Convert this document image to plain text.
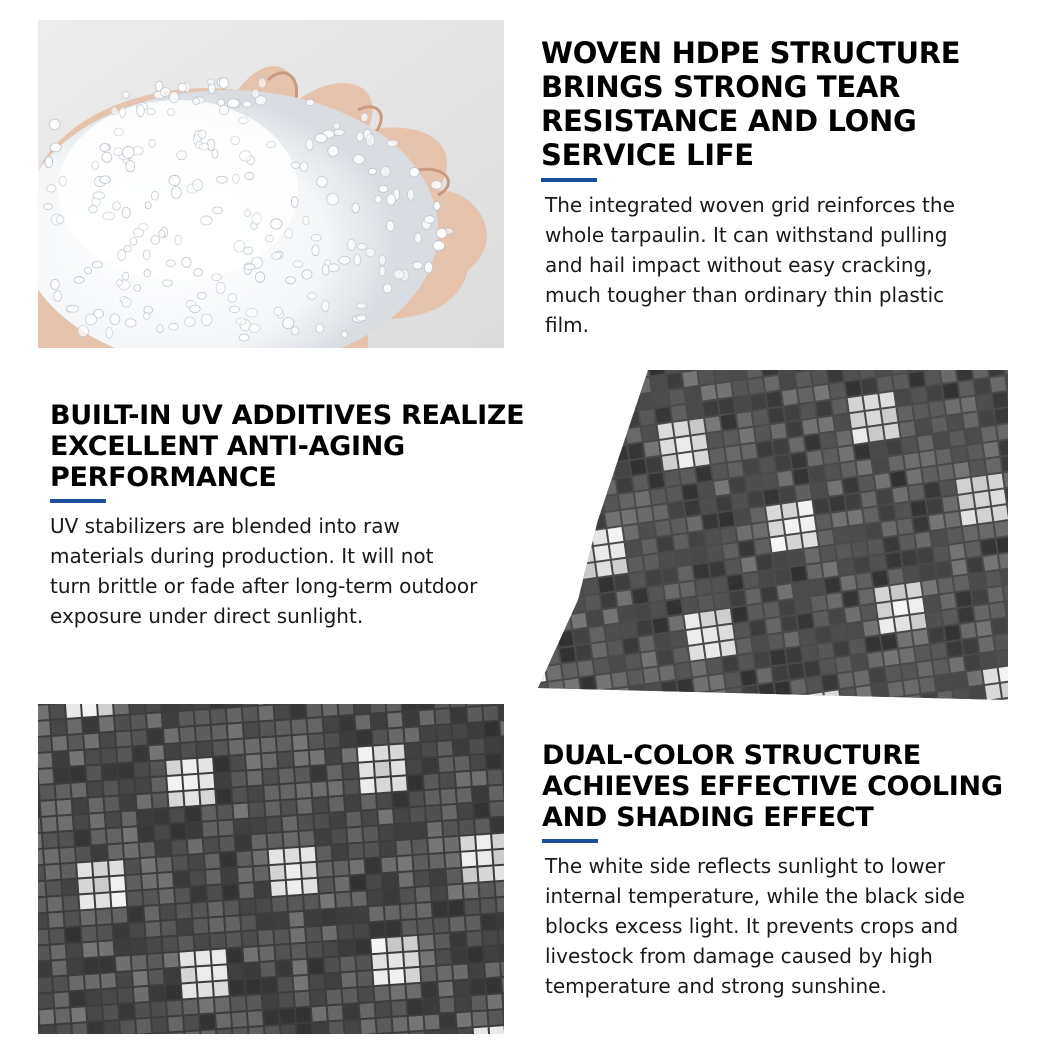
WOVEN HDPE STRUCTURE BRINGS STRONG TEAR RESISTANCE AND LONG SERVICE LIFE

The integrated woven grid reinforces the whole tarpaulin. It can withstand pulling and hail impact without easy cracking, much tougher than ordinary thin plastic film.

BUILT-IN UV ADDITIVES REALIZE EXCELLENT ANTI-AGING PERFORMANCE

UV stabilizers are blended into raw materials during production. It will not turn brittle or fade after long-term outdoor exposure under direct sunlight.

DUAL-COLOR STRUCTURE ACHIEVES EFFECTIVE COOLING AND SHADING EFFECT

The white side reflects sunlight to lower internal temperature, while the black side blocks excess light. It prevents crops and livestock from damage caused by high temperature and strong sunshine.
